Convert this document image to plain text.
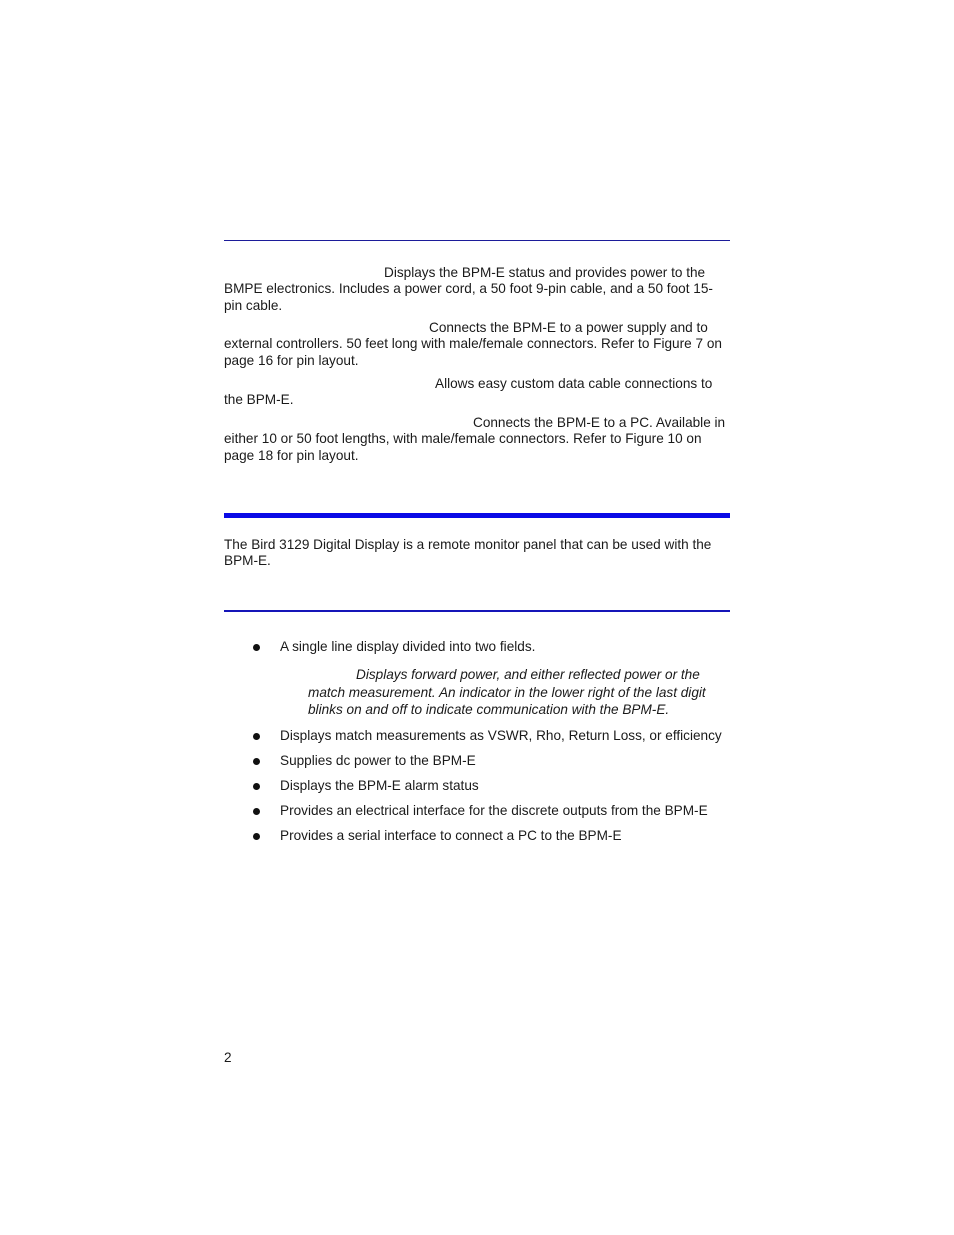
Displays the BPM-E status and provides power to the BMPE electronics. Includes a power cord, a 50 foot 9-pin cable, and a 50 foot 15-pin cable.

Connects the BPM-E to a power supply and to external controllers. 50 feet long with male/female connectors. Refer to Figure 7 on page 16 for pin layout.

Allows easy custom data cable connections to the BPM-E.

Connects the BPM-E to a PC. Available in either 10 or 50 foot lengths, with male/female connectors. Refer to Figure 10 on page 18 for pin layout.

The Bird 3129 Digital Display is a remote monitor panel that can be used with the BPM-E.

A single line display divided into two fields.
Displays match measurements as VSWR, Rho, Return Loss, or efficiency
Supplies dc power to the BPM-E
Displays the BPM-E alarm status
Provides an electrical interface for the discrete outputs from the BPM-E
Provides a serial interface to connect a PC to the BPM-E

Displays forward power, and either reflected power or the match measurement. An indicator in the lower right of the last digit blinks on and off to indicate communication with the BPM-E.

2
